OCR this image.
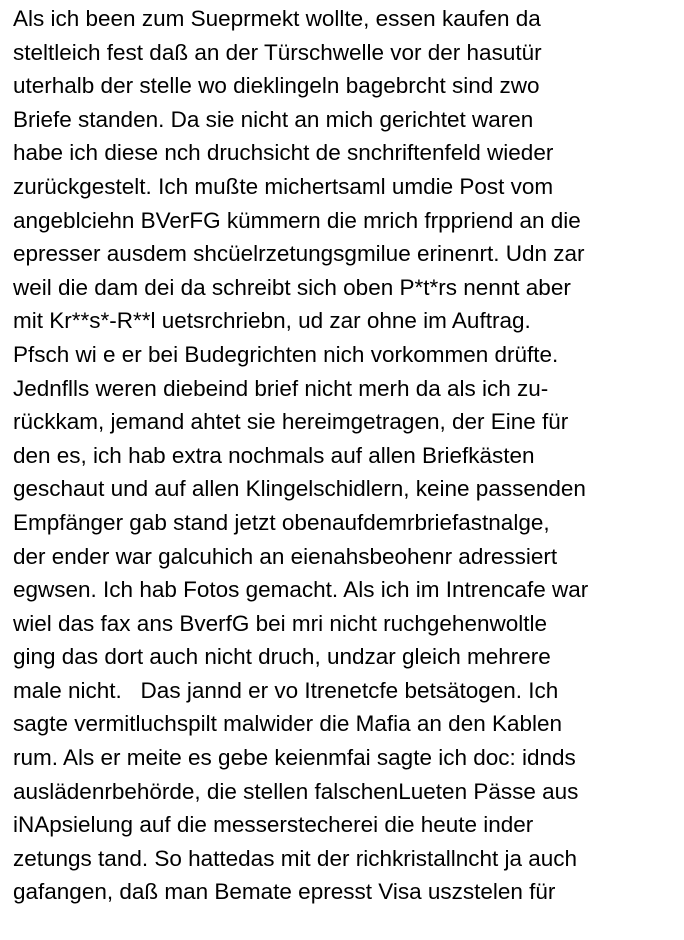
Als ich been zum Sueprmekt wollte, essen kaufen da
steltleich fest daß an der Türschwelle vor der hasutür
uterhalb der stelle wo dieklingeln bagebrcht sind zwo
Briefe standen. Da sie nicht an mich gerichtet waren
habe ich diese nch druchsicht de snchriftenfeld wieder
zurückgestelt. Ich mußte michertsaml umdie Post vom
angeblciehn BVerFG kümmern die mrich frppriend an die
epresser ausdem shcüelrzetungsgmilue erinenrt. Udn zar
weil die dam dei da schreibt sich oben P*t*rs nennt aber
mit Kr**s*-R**l uetsrchriebn, ud zar ohne im Auftrag.
Pfsch wi e er bei Budegrichten nich vorkommen drüfte.
Jednflls weren diebeind brief nicht merh da als ich zu-
rückkam, jemand ahtet sie hereimgetragen, der Eine für
den es, ich hab extra nochmals auf allen Briefkästen
geschaut und auf allen Klingelschidlern, keine passenden
Empfänger gab stand jetzt obenaufdemrbriefastnalge,
der ender war galcuhich an eienahsbeohenr adressiert
egwsen. Ich hab Fotos gemacht. Als ich im Intrencafe war
wiel das fax ans BverfG bei mri nicht ruchgehenwoltle
ging das dort auch nicht druch, undzar gleich mehrere
male nicht.   Das jannd er vo Itrenetcfe betsätogen. Ich
sagte vermitluchspilt malwider die Mafia an den Kablen
rum. Als er meite es gebe keienmfai sagte ich doc: idnds
auslädenrbehörde, die stellen falschenLueten Pässe aus
iNApsielung auf die messerstecherei die heute inder
zetungs tand. So hattedas mit der richkristallncht ja auch
gafangen, daß man Bemate epresst Visa uszstelen für
